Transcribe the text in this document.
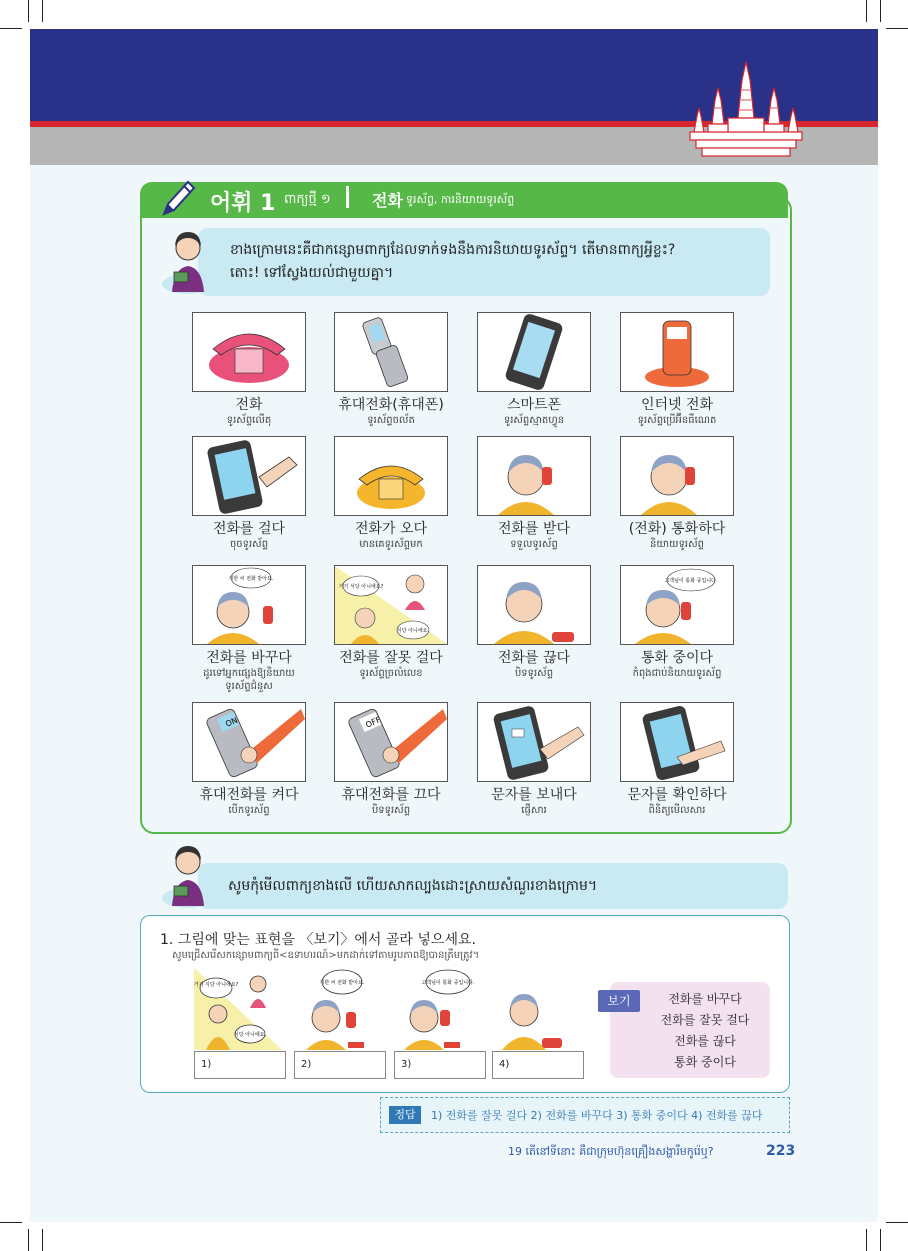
어휘 1 ពាក្យថ្មី ១	전화 ទូរស័ព្ទ, ការនិយាយទូរស័ព្ទ
ខាងក្រោមនេះគឺជាកន្សោមពាក្យដែលទាក់ទងនឹងការនិយាយទូរស័ព្ទ។ តើមានពាក្យអ្វីខ្លះ?
តោះ! ទៅស្វែងយល់ជាមួយគ្នា។
전화
ទូរស័ព្ទលើតុ
휴대전화(휴대폰)
ទូរស័ព្ទចល័ត
스마트폰
ទូរស័ព្ទស្មាតហ្វូន
인터넷 전화
ទូរស័ព្ទប្រើអ៊ីនធឺណេត
전화를 걸다
ចុចទូរស័ព្ទ
전화가 오다
មានគេទូរស័ព្ទមក
전화를 받다
ទទួលទូរស័ព្ទ
(전화) 통화하다
និយាយទូរស័ព្ទ
지한 씨 전화 받아요.
전화를 바꾸다
ដូរទៅអ្នកផ្សេងឱ្យនិយាយទូរស័ព្ទជំនួស
거기 식당 아니에요?
식당 아니에요.
전화를 잘못 걸다
ទូរស័ព្ទច្រលំលេខ
전화를 끊다
បិទទូរស័ព្ទ
고객님이 통화 중입니다.
통화 중이다
កំពុងជាប់និយាយទូរស័ព្ទ
ON
휴대전화를 켜다
បើកទូរស័ព្ទ
OFF
휴대전화를 끄다
បិទទូរស័ព្ទ
문자를 보내다
ផ្ញើសារ
문자를 확인하다
ពិនិត្យមើលសារ
សូមកុំមើលពាក្យខាងលើ ហើយសាកល្បងដោះស្រាយសំណួរខាងក្រោម។
1. 그림에 맞는 표현을 〈보기〉에서 골라 넣으세요.
សូមជ្រើសរើសកន្សោមពាក្យពី<ឧទាហរណ៍>មកដាក់ទៅតាមរូបភាពឱ្យបានត្រឹមត្រូវ។
거기 식당 아니에요?
식당 아니에요.
지한 씨 전화 받아요.	고객님이 통화 중입니다.
1)	2)	3)	4)
보기	전화를 바꾸다
전화를 잘못 걸다
전화를 끊다
통화 중이다
정답	1) 전화를 잘못 걸다 2) 전화를 바꾸다 3) 통화 중이다 4) 전화를 끊다
19 តើនៅទីនោះ គឺជាក្រុមហ៊ុនគ្រឿងសង្ហារឹមកូរ៉េឬ?	223
